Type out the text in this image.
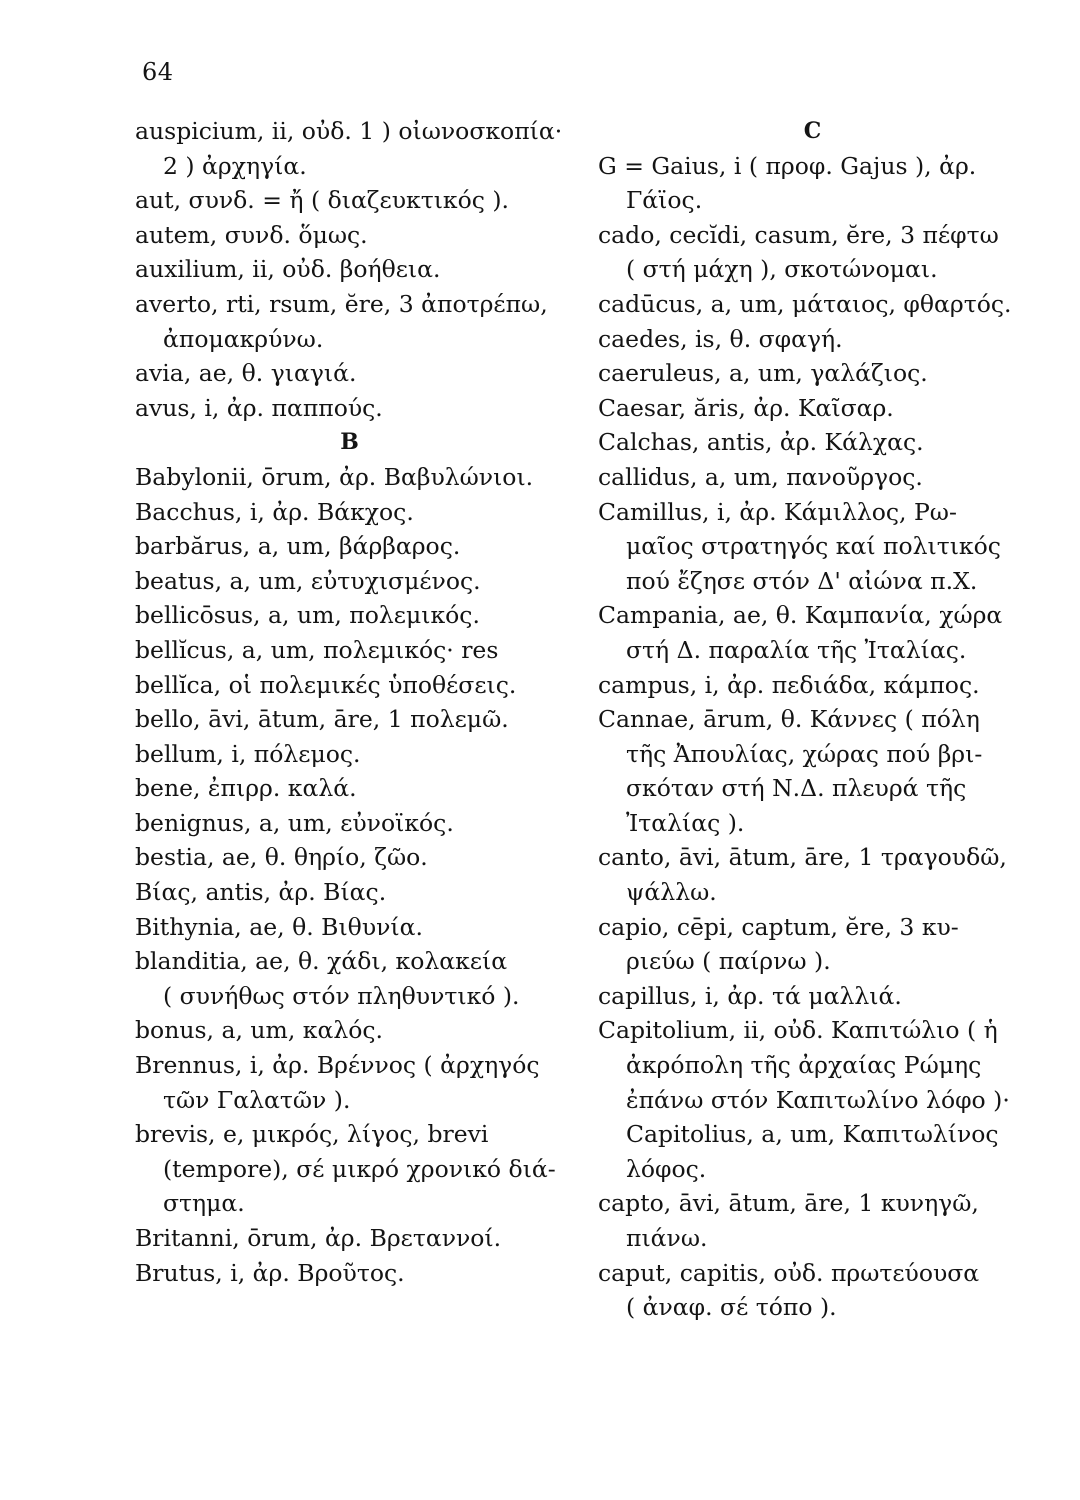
64
auspicium, ii, οὐδ. 1 ) οἰωνοσκοπία·
2 ) ἀρχηγία.
aut, συνδ. = ἤ ( διαζευκτικός ).
autem, συνδ. ὅμως.
auxilium, ii, οὐδ. βοήθεια.
averto, rti, rsum, ĕre, 3 ἀποτρέπω,
ἀπομακρύνω.
avia, ae, θ. γιαγιά.
avus, i, ἀρ. παππούς.
B
Babylonii, ōrum, ἀρ. Βαβυλώνιοι.
Bacchus, i, ἀρ. Βάκχος.
barbărus, a, um, βάρβαρος.
beatus, a, um, εὐτυχισμένος.
bellicōsus, a, um, πολεμικός.
bellĭcus, a, um, πολεμικός· res
bellĭca, οἱ πολεμικές ὑποθέσεις.
bello, āvi, ātum, āre, 1 πολεμῶ.
bellum, i, πόλεμος.
bene, ἐπιρρ. καλά.
benignus, a, um, εὐνοϊκός.
bestia, ae, θ. θηρίο, ζῶο.
Βίας, antis, ἀρ. Βίας.
Bithynia, ae, θ. Βιθυνία.
blanditia, ae, θ. χάδι, κολακεία
( συνήθως στόν πληθυντικό ).
bonus, a, um, καλός.
Brennus, i, ἀρ. Βρέννος ( ἀρχηγός
τῶν Γαλατῶν ).
brevis, e, μικρός, λίγος, brevi
(tempore), σέ μικρό χρονικό διά-
στημα.
Britanni, ōrum, ἀρ. Βρεταννοί.
Brutus, i, ἀρ. Βροῦτος.
C
G = Gaius, i ( προφ. Gajus ), ἀρ.
Γάϊος.
cado, cecĭdi, casum, ĕre, 3 πέφτω
( στή μάχη ), σκοτώνομαι.
cadūcus, a, um, μάταιος, φθαρτός.
caedes, is, θ. σφαγή.
caeruleus, a, um, γαλάζιος.
Caesar, ăris, ἀρ. Καῖσαρ.
Calchas, antis, ἀρ. Κάλχας.
callidus, a, um, πανοῦργος.
Camillus, i, ἀρ. Κάμιλλος, Ρω-
μαῖος στρατηγός καί πολιτικός
πού ἔζησε στόν Δ' αἰώνα π.Χ.
Campania, ae, θ. Καμπανία, χώρα
στή Δ. παραλία τῆς Ἰταλίας.
campus, i, ἀρ. πεδιάδα, κάμπος.
Cannae, ārum, θ. Κάννες ( πόλη
τῆς Ἀπουλίας, χώρας πού βρι-
σκόταν στή Ν.Δ. πλευρά τῆς
Ἰταλίας ).
canto, āvi, ātum, āre, 1 τραγουδῶ,
ψάλλω.
capio, cēpi, captum, ĕre, 3 κυ-
ριεύω ( παίρνω ).
capillus, i, ἀρ. τά μαλλιά.
Capitolium, ii, οὐδ. Καπιτώλιο ( ἡ
ἀκρόπολη τῆς ἀρχαίας Ρώμης
ἐπάνω στόν Καπιτωλίνο λόφο )·
Capitolius, a, um, Καπιτωλίνος
λόφος.
capto, āvi, ātum, āre, 1 κυνηγῶ,
πιάνω.
caput, capitis, οὐδ. πρωτεύουσα
( ἀναφ. σέ τόπο ).
